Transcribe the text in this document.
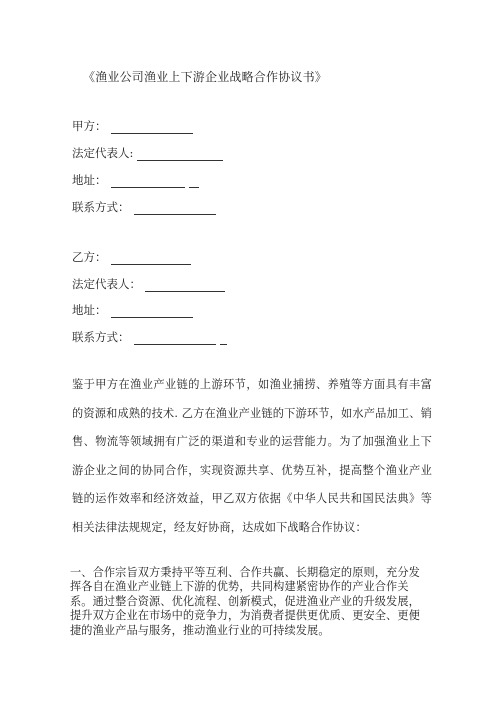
《渔业公司渔业上下游企业战略合作协议书》
甲方：
法定代表人:
地址：
联系方式：
乙方：
法定代表人：
地址：
联系方式：

鉴于甲方在渔业产业链的上游环节，如渔业捕捞、养殖等方面具有丰富的资源和成熟的技术. 乙方在渔业产业链的下游环节，如水产品加工、销售、物流等领域拥有广泛的渠道和专业的运营能力。为了加强渔业上下游企业之间的协同合作，实现资源共享、优势互补，提高整个渔业产业链的运作效率和经济效益，甲乙双方依据《中华人民共和国民法典》等相关法律法规规定，经友好协商，达成如下战略合作协议：

一、合作宗旨双方秉持平等互利、合作共赢、长期稳定的原则，充分发挥各自在渔业产业链上下游的优势，共同构建紧密协作的产业合作关系。通过整合资源、优化流程、创新模式，促进渔业产业的升级发展，提升双方企业在市场中的竞争力，为消费者提供更优质、更安全、更便捷的渔业产品与服务，推动渔业行业的可持续发展。
